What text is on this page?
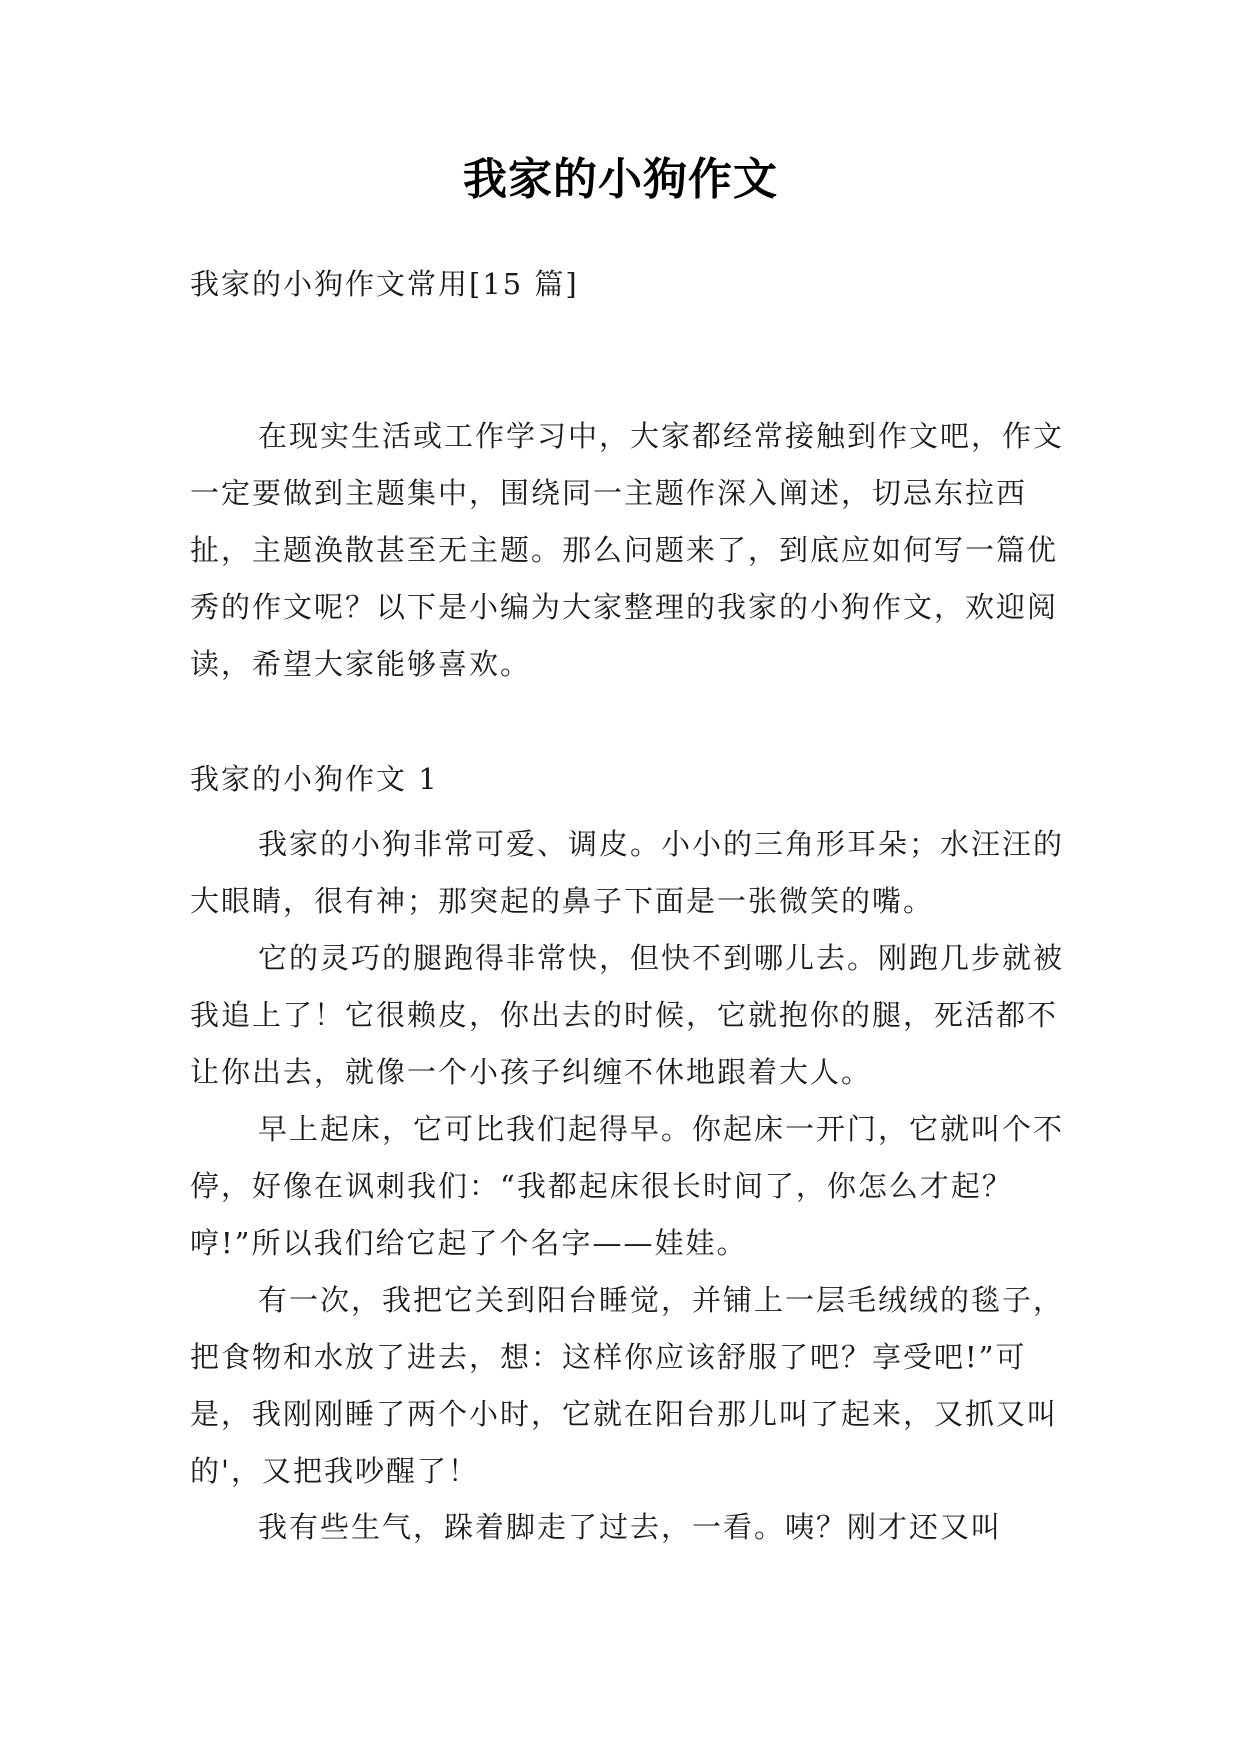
我家的小狗作文

我家的小狗作文常用[15 篇]

在现实生活或工作学习中，大家都经常接触到作文吧，作文一定要做到主题集中，围绕同一主题作深入阐述，切忌东拉西扯，主题涣散甚至无主题。那么问题来了，到底应如何写一篇优秀的作文呢？以下是小编为大家整理的我家的小狗作文，欢迎阅读，希望大家能够喜欢。

我家的小狗作文 1

我家的小狗非常可爱、调皮。小小的三角形耳朵；水汪汪的大眼睛，很有神；那突起的鼻子下面是一张微笑的嘴。

它的灵巧的腿跑得非常快，但快不到哪儿去。刚跑几步就被我追上了！它很赖皮，你出去的时候，它就抱你的腿，死活都不让你出去，就像一个小孩子纠缠不休地跟着大人。

早上起床，它可比我们起得早。你起床一开门，它就叫个不停，好像在讽刺我们：“我都起床很长时间了，你怎么才起？哼!”所以我们给它起了个名字——娃娃。

有一次，我把它关到阳台睡觉，并铺上一层毛绒绒的毯子，把食物和水放了进去，想：这样你应该舒服了吧？享受吧!”可是，我刚刚睡了两个小时，它就在阳台那儿叫了起来，又抓又叫的'，又把我吵醒了！

我有些生气，跺着脚走了过去，一看。咦？刚才还又叫
